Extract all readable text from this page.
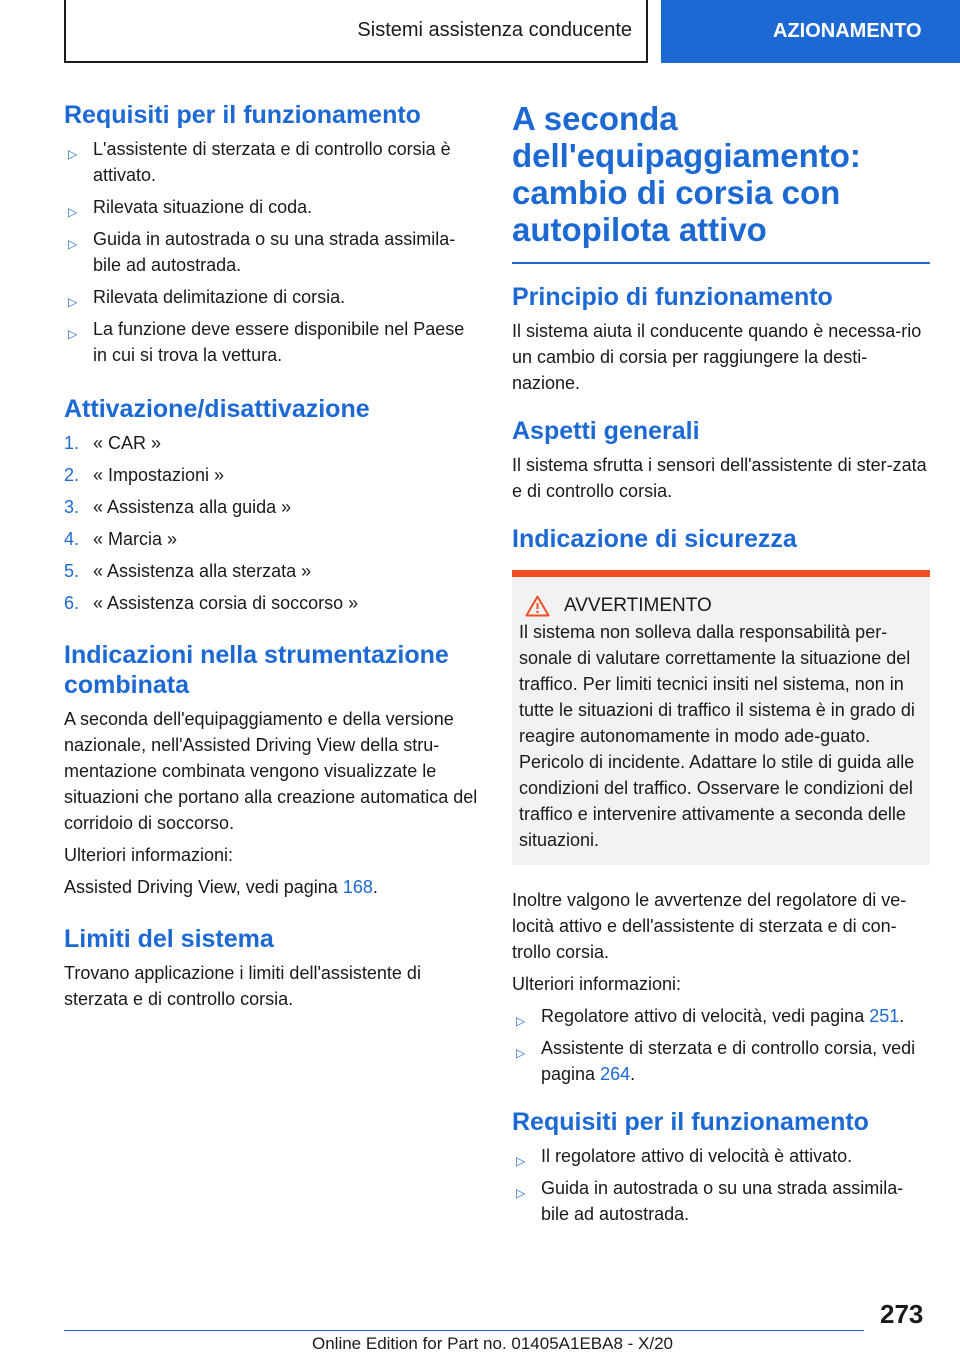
Sistemi assistenza conducente	AZIONAMENTO
Requisiti per il funzionamento
▷ L'assistente di sterzata e di controllo corsia è attivato.
▷ Rilevata situazione di coda.
▷ Guida in autostrada o su una strada assimila-bile ad autostrada.
▷ Rilevata delimitazione di corsia.
▷ La funzione deve essere disponibile nel Paese in cui si trova la vettura.
Attivazione/disattivazione
1. « CAR »
2. « Impostazioni »
3. « Assistenza alla guida »
4. « Marcia »
5. « Assistenza alla sterzata »
6. « Assistenza corsia di soccorso »
Indicazioni nella strumentazione combinata

A seconda dell'equipaggiamento e della versione nazionale, nell'Assisted Driving View della stru-mentazione combinata vengono visualizzate le situazioni che portano alla creazione automatica del corridoio di soccorso.

Ulteriori informazioni:

Assisted Driving View, vedi pagina 168.

Limiti del sistema

Trovano applicazione i limiti dell'assistente di sterzata e di controllo corsia.

A seconda dell'equipaggiamento: cambio di corsia con autopilota attivo
Principio di funzionamento

Il sistema aiuta il conducente quando è necessa-rio un cambio di corsia per raggiungere la desti-nazione.

Aspetti generali

Il sistema sfrutta i sensori dell'assistente di ster-zata e di controllo corsia.

Indicazione di sicurezza
AVVERTIMENTO

Il sistema non solleva dalla responsabilità per-sonale di valutare correttamente la situazione del traffico. Per limiti tecnici insiti nel sistema, non in tutte le situazioni di traffico il sistema è in grado di reagire autonomamente in modo ade-guato. Pericolo di incidente. Adattare lo stile di guida alle condizioni del traffico. Osservare le condizioni del traffico e intervenire attivamente a seconda delle situazioni.

Inoltre valgono le avvertenze del regolatore di ve-locità attivo e dell'assistente di sterzata e di con-trollo corsia.

Ulteriori informazioni:

▷ Regolatore attivo di velocità, vedi pagina 251.
▷ Assistente di sterzata e di controllo corsia, vedi pagina 264.
Requisiti per il funzionamento
▷ Il regolatore attivo di velocità è attivato.
▷ Guida in autostrada o su una strada assimila-bile ad autostrada.
273
Online Edition for Part no. 01405A1EBA8 - X/20
